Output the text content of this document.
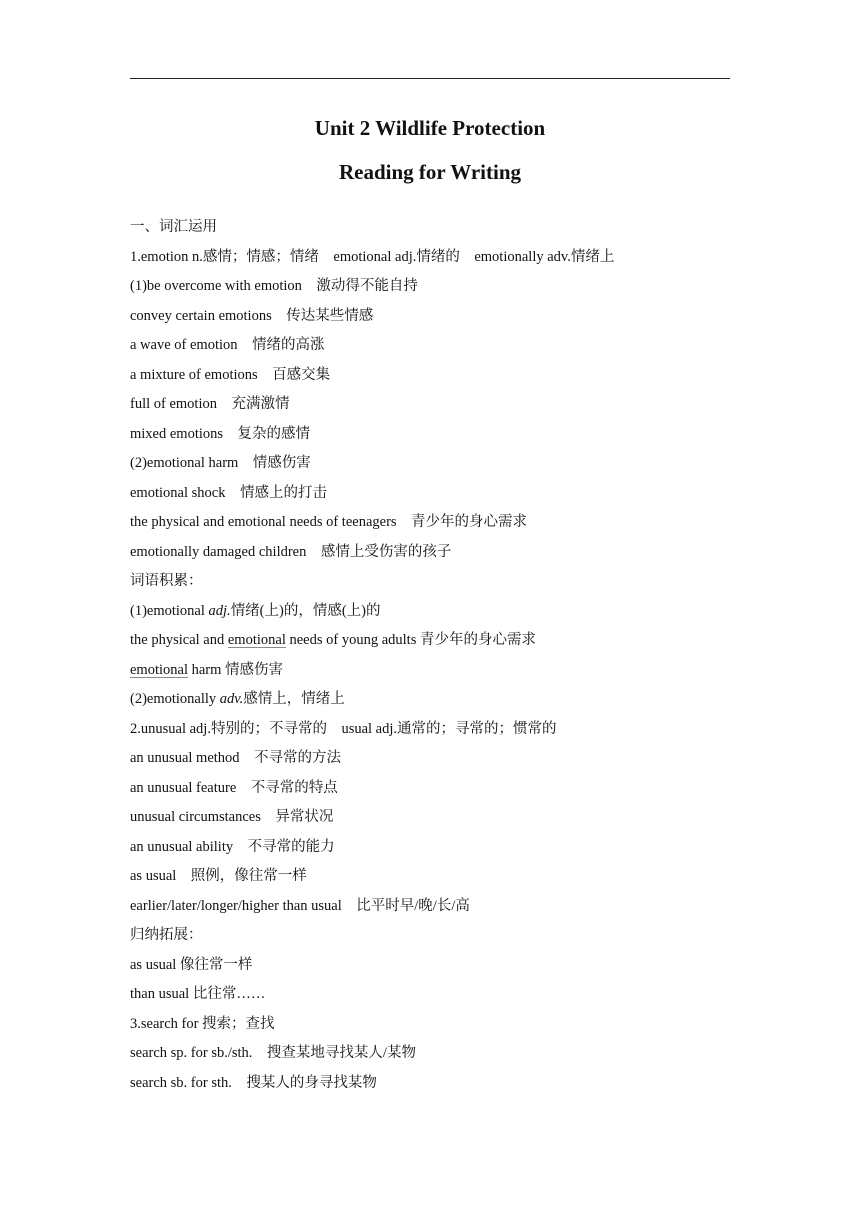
Unit 2 Wildlife Protection
Reading for Writing
一、词汇运用
1.emotion n.感情；情感；情绪　emotional adj.情绪的　emotionally adv.情绪上
(1)be overcome with emotion　激动得不能自持
convey certain emotions　传达某些情感
a wave of emotion　情绪的高涨
a mixture of emotions　百感交集
full of emotion　充满激情
mixed emotions　复杂的感情
(2)emotional harm　情感伤害
emotional shock　情感上的打击
the physical and emotional needs of teenagers　青少年的身心需求
emotionally damaged children　感情上受伤害的孩子
词语积累：
(1)emotional adj.情绪(上)的，情感(上)的
the physical and emotional needs of young adults 青少年的身心需求
emotional harm 情感伤害
(2)emotionally adv.感情上，情绪上
2.unusual adj.特别的；不寻常的　usual adj.通常的；寻常的；惯常的
an unusual method　不寻常的方法
an unusual feature　不寻常的特点
unusual circumstances　异常状况
an unusual ability　不寻常的能力
as usual　照例，像往常一样
earlier/later/longer/higher than usual　比平时早/晚/长/高
归纳拓展：
as usual 像往常一样
than usual 比往常……
3.search for 搜索；查找
search sp. for sb./sth.　搜查某地寻找某人/某物
search sb. for sth.　搜某人的身寻找某物
